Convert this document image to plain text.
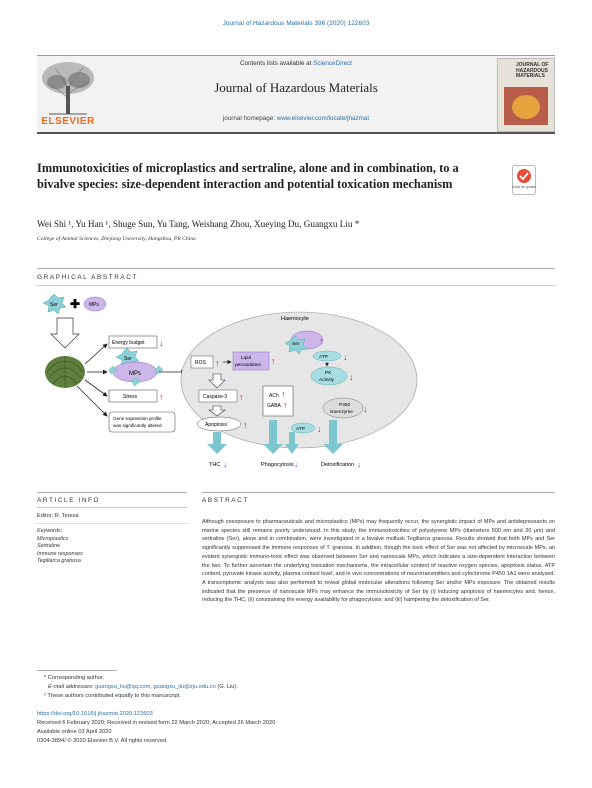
Journal of Hazardous Materials 396 (2020) 122603
ELSEVIER
Contents lists available at ScienceDirect
Journal of Hazardous Materials
journal homepage: www.elsevier.com/locate/jhazmat
JOURNAL OF HAZARDOUS MATERIALS
Immunotoxicities of microplastics and sertraline, alone and in combination, to a bivalve species: size-dependent interaction and potential toxication mechanism	Check for updates
Wei Shi ¹, Yu Han ¹, Shuge Sun, Yu Tang, Weishang Zhou, Xueying Du, Guangxu Liu *
College of Animal Sciences, Zhejiang University, Hangzhou, PR China
GRAPHICAL ABSTRACT
Ser ✚ MPs
Energy budget ↓
Ser
MPs
Stress ↑
Gene expression profile
was significantly altered
Haemocyte
Ser ↑
ROS ↑	Lipid
peroxidation ↑
Caspase-3 ↑
Apoptosis ↑
ACh
GABA
↑
↑
ATP ↓
PK
Activity ↓
P450
isoenzyme ↓
ATP ↓
THC ↓	Phagocytosis ↓	Detoxification ↓
ARTICLE INFO	ABSTRACT
Editor: R. Teresa
Keywords:
Microplastics
Sertraline
Immune responses
Tegillarca granosa
Although coexposure to pharmaceuticals and microplastics (MPs) may frequently occur, the synergistic impact of MPs and antidepressants on marine species still remains poorly understood. In this study, the immunotoxicities of polystyrene MPs (diameters 500 nm and 30 μm) and sertraline (Ser), alone and in combination, were investigated in a bivalve mollusk Tegillarca granosa. Results showed that both MPs and Ser significantly suppressed the immune responses of T. granosa. In addition, though the toxic effect of Ser was not affected by microscale MPs, an evident synergistic immuno-toxic effect was observed between Ser and nanoscale MPs, which indicates a size-dependent interaction between the two. To further ascertain the underlying toxication mechanisms, the intracellular content of reactive oxygen species, apoptosis status, ATP content, pyruvate kinase activity, plasma cortisol level, and in vivo concentrations of neurotransmitters and cytochrome P450 1A1 were analysed. A transcriptomic analysis was also performed to reveal global molecular alterations following Ser and/or MPs exposure. The obtained results indicated that the presence of nanoscale MPs may enhance the immunotoxicity of Ser by (i) inducing apoptosis of haemocytes and, hence, reducing the THC; (ii) constraining the energy availability for phagocytosis; and (iii) hampering the detoxification of Ser.
* Corresponding author.
E-mail addresses: guangxu_liu@qq.com, guangxu_liu@zju.edu.cn (G. Liu).
¹ These authors contributed equally to this manuscript.
https://doi.org/10.1016/j.jhazmat.2020.122603
Received 6 February 2020; Received in revised form 22 March 2020; Accepted 26 March 2020
Available online 03 April 2020
0304-3894/ © 2020 Elsevier B.V. All rights reserved.
